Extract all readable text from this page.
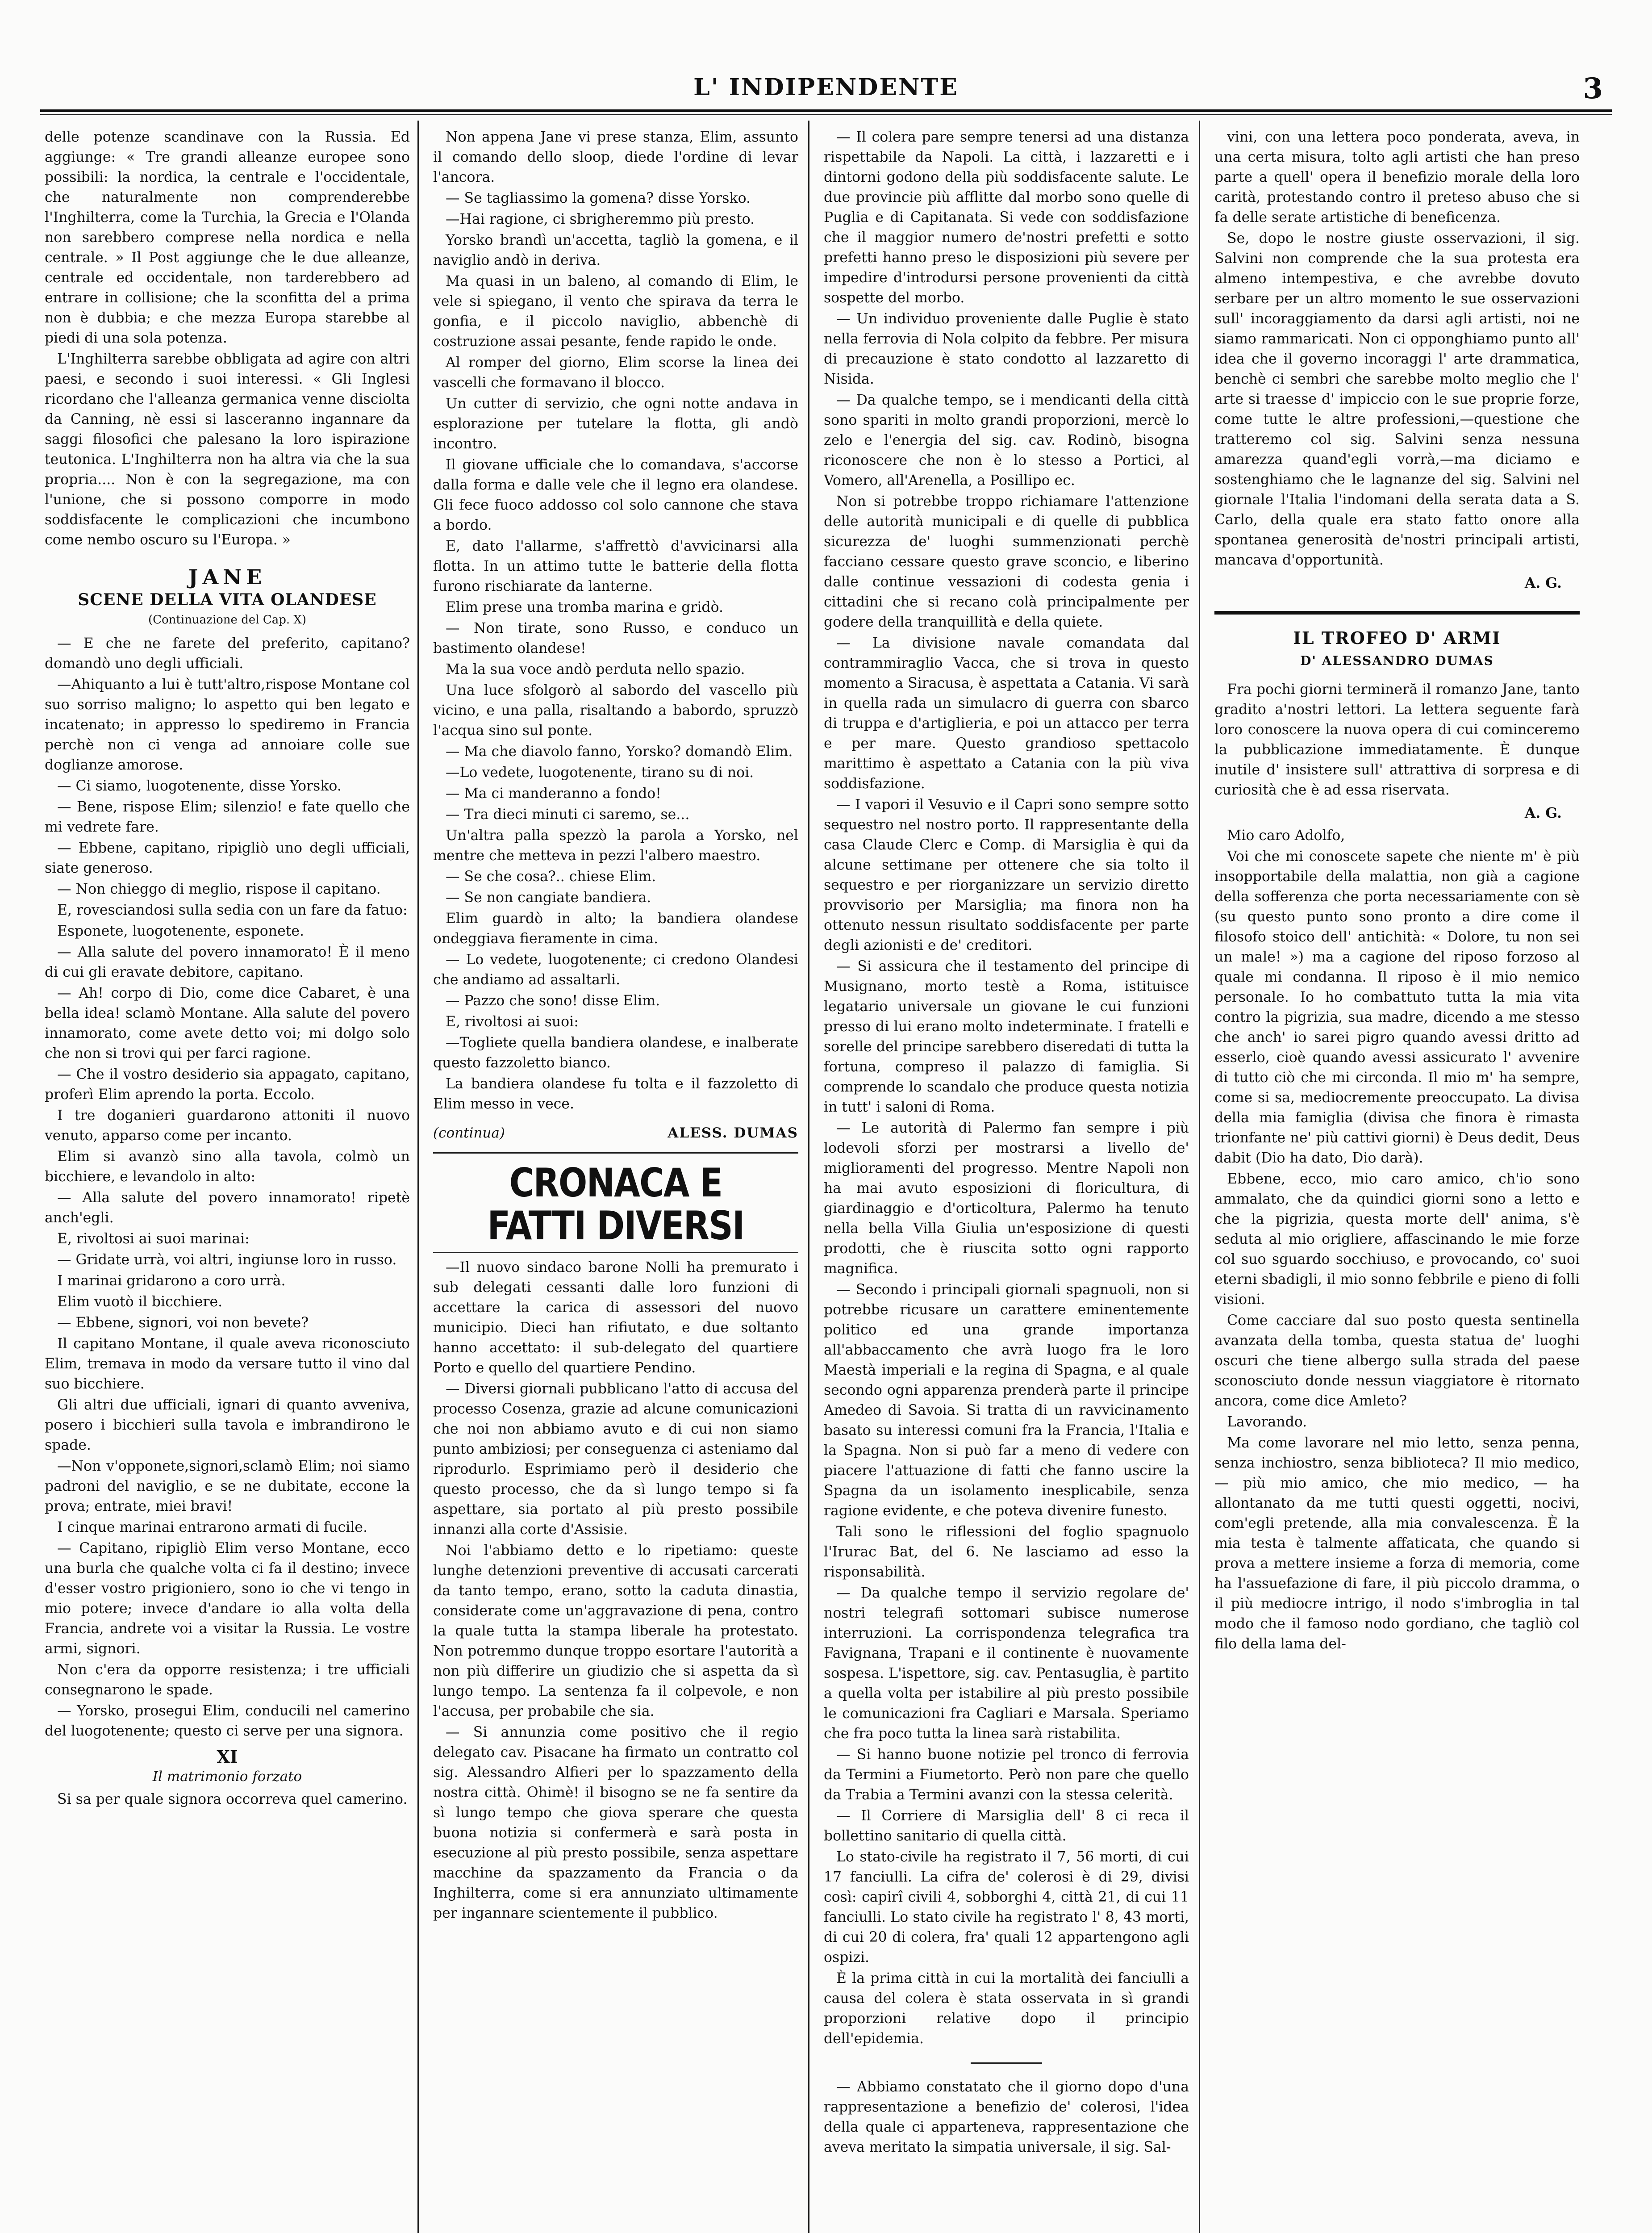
L' INDIPENDENTE	3

delle potenze scandinave con la Russia. Ed aggiunge: « Tre grandi alleanze europee sono possibili: la nordica, la centrale e l'occidentale, che naturalmente non comprenderebbe l'Inghilterra, come la Turchia, la Grecia e l'Olanda non sarebbero comprese nella nordica e nella centrale. » Il Post aggiunge che le due alleanze, centrale ed occidentale, non tarderebbero ad entrare in collisione; che la sconfitta del a prima non è dubbia; e che mezza Europa starebbe al piedi di una sola potenza.

L'Inghilterra sarebbe obbligata ad agire con altri paesi, e secondo i suoi interessi. « Gli Inglesi ricordano che l'alleanza germanica venne disciolta da Canning, nè essi si lasceranno ingannare da saggi filosofici che palesano la loro ispirazione teutonica. L'Inghilterra non ha altra via che la sua propria.... Non è con la segregazione, ma con l'unione, che si possono comporre in modo soddisfacente le complicazioni che incumbono come nembo oscuro su l'Europa. »

JANE
SCENE DELLA VITA OLANDESE
(Continuazione del Cap. X)

— E che ne farete del preferito, capitano? domandò uno degli ufficiali.

—Ahiquanto a lui è tutt'altro,rispose Montane col suo sorriso maligno; lo aspetto qui ben legato e incatenato; in appresso lo spediremo in Francia perchè non ci venga ad annoiare colle sue doglianze amorose.

— Ci siamo, luogotenente, disse Yorsko.

— Bene, rispose Elim; silenzio! e fate quello che mi vedrete fare.

— Ebbene, capitano, ripigliò uno degli ufficiali, siate generoso.

— Non chieggo di meglio, rispose il capitano.

E, rovesciandosi sulla sedia con un fare da fatuo:

Esponete, luogotenente, esponete.

— Alla salute del povero innamorato! È il meno di cui gli eravate debitore, capitano.

— Ah! corpo di Dio, come dice Cabaret, è una bella idea! sclamò Montane. Alla salute del povero innamorato, come avete detto voi; mi dolgo solo che non si trovi qui per farci ragione.

— Che il vostro desiderio sia appagato, capitano, proferì Elim aprendo la porta. Eccolo.

I tre doganieri guardarono attoniti il nuovo venuto, apparso come per incanto.

Elim si avanzò sino alla tavola, colmò un bicchiere, e levandolo in alto:

— Alla salute del povero innamorato! ripetè anch'egli.

E, rivoltosi ai suoi marinai:

— Gridate urrà, voi altri, ingiunse loro in russo.

I marinai gridarono a coro urrà.

Elim vuotò il bicchiere.

— Ebbene, signori, voi non bevete?

Il capitano Montane, il quale aveva riconosciuto Elim, tremava in modo da versare tutto il vino dal suo bicchiere.

Gli altri due ufficiali, ignari di quanto avveniva, posero i bicchieri sulla tavola e imbrandirono le spade.

—Non v'opponete,signori,sclamò Elim; noi siamo padroni del naviglio, e se ne dubitate, eccone la prova; entrate, miei bravi!

I cinque marinai entrarono armati di fucile.

— Capitano, ripigliò Elim verso Montane, ecco una burla che qualche volta ci fa il destino; invece d'esser vostro prigioniero, sono io che vi tengo in mio potere; invece d'andare io alla volta della Francia, andrete voi a visitar la Russia. Le vostre armi, signori.

Non c'era da opporre resistenza; i tre ufficiali consegnarono le spade.

— Yorsko, prosegui Elim, conducili nel camerino del luogotenente; questo ci serve per una signora.

XI
Il matrimonio forzato

Si sa per quale signora occorreva quel camerino.

Non appena Jane vi prese stanza, Elim, assunto il comando dello sloop, diede l'ordine di levar l'ancora.

— Se tagliassimo la gomena? disse Yorsko.

—Hai ragione, ci sbrigheremmo più presto.

Yorsko brandì un'accetta, tagliò la gomena, e il naviglio andò in deriva.

Ma quasi in un baleno, al comando di Elim, le vele si spiegano, il vento che spirava da terra le gonfia, e il piccolo naviglio, abbenchè di costruzione assai pesante, fende rapido le onde.

Al romper del giorno, Elim scorse la linea dei vascelli che formavano il blocco.

Un cutter di servizio, che ogni notte andava in esplorazione per tutelare la flotta, gli andò incontro.

Il giovane ufficiale che lo comandava, s'accorse dalla forma e dalle vele che il legno era olandese. Gli fece fuoco addosso col solo cannone che stava a bordo.

E, dato l'allarme, s'affrettò d'avvicinarsi alla flotta. In un attimo tutte le batterie della flotta furono rischiarate da lanterne.

Elim prese una tromba marina e gridò.

— Non tirate, sono Russo, e conduco un bastimento olandese!

Ma la sua voce andò perduta nello spazio.

Una luce sfolgorò al sabordo del vascello più vicino, e una palla, risaltando a babordo, spruzzò l'acqua sino sul ponte.

— Ma che diavolo fanno, Yorsko? domandò Elim.

—Lo vedete, luogotenente, tirano su di noi.

— Ma ci manderanno a fondo!

— Tra dieci minuti ci saremo, se...

Un'altra palla spezzò la parola a Yorsko, nel mentre che metteva in pezzi l'albero maestro.

— Se che cosa?.. chiese Elim.

— Se non cangiate bandiera.

Elim guardò in alto; la bandiera olandese ondeggiava fieramente in cima.

— Lo vedete, luogotenente; ci credono Olandesi che andiamo ad assaltarli.

— Pazzo che sono! disse Elim.

E, rivoltosi ai suoi:

—Togliete quella bandiera olandese, e inalberate questo fazzoletto bianco.

La bandiera olandese fu tolta e il fazzoletto di Elim messo in vece.

(continua)	ALESS. DUMAS
CRONACA E FATTI DIVERSI

—Il nuovo sindaco barone Nolli ha premurato i sub delegati cessanti dalle loro funzioni di accettare la carica di assessori del nuovo municipio. Dieci han rifiutato, e due soltanto hanno accettato: il sub-delegato del quartiere Porto e quello del quartiere Pendino.

— Diversi giornali pubblicano l'atto di accusa del processo Cosenza, grazie ad alcune comunicazioni che noi non abbiamo avuto e di cui non siamo punto ambiziosi; per conseguenza ci asteniamo dal riprodurlo. Esprimiamo però il desiderio che questo processo, che da sì lungo tempo si fa aspettare, sia portato al più presto possibile innanzi alla corte d'Assisie.

Noi l'abbiamo detto e lo ripetiamo: queste lunghe detenzioni preventive di accusati carcerati da tanto tempo, erano, sotto la caduta dinastia, considerate come un'aggravazione di pena, contro la quale tutta la stampa liberale ha protestato. Non potremmo dunque troppo esortare l'autorità a non più differire un giudizio che si aspetta da sì lungo tempo. La sentenza fa il colpevole, e non l'accusa, per probabile che sia.

— Si annunzia come positivo che il regio delegato cav. Pisacane ha firmato un contratto col sig. Alessandro Alfieri per lo spazzamento della nostra città. Ohimè! il bisogno se ne fa sentire da sì lungo tempo che giova sperare che questa buona notizia si confermerà e sarà posta in esecuzione al più presto possibile, senza aspettare macchine da spazzamento da Francia o da Inghilterra, come si era annunziato ultimamente per ingannare scientemente il pubblico.

— Il colera pare sempre tenersi ad una distanza rispettabile da Napoli. La città, i lazzaretti e i dintorni godono della più soddisfacente salute. Le due provincie più afflitte dal morbo sono quelle di Puglia e di Capitanata. Si vede con soddisfazione che il maggior numero de'nostri prefetti e sotto prefetti hanno preso le disposizioni più severe per impedire d'introdursi persone provenienti da città sospette del morbo.

— Un individuo proveniente dalle Puglie è stato nella ferrovia di Nola colpito da febbre. Per misura di precauzione è stato condotto al lazzaretto di Nisida.

— Da qualche tempo, se i mendicanti della città sono spariti in molto grandi proporzioni, mercè lo zelo e l'energia del sig. cav. Rodinò, bisogna riconoscere che non è lo stesso a Portici, al Vomero, all'Arenella, a Posillipo ec.

Non si potrebbe troppo richiamare l'attenzione delle autorità municipali e di quelle di pubblica sicurezza de' luoghi summenzionati perchè facciano cessare questo grave sconcio, e liberino dalle continue vessazioni di codesta genia i cittadini che si recano colà principalmente per godere della tranquillità e della quiete.

— La divisione navale comandata dal contrammiraglio Vacca, che si trova in questo momento a Siracusa, è aspettata a Catania. Vi sarà in quella rada un simulacro di guerra con sbarco di truppa e d'artiglieria, e poi un attacco per terra e per mare. Questo grandioso spettacolo marittimo è aspettato a Catania con la più viva soddisfazione.

— I vapori il Vesuvio e il Capri sono sempre sotto sequestro nel nostro porto. Il rappresentante della casa Claude Clerc e Comp. di Marsiglia è qui da alcune settimane per ottenere che sia tolto il sequestro e per riorganizzare un servizio diretto provvisorio per Marsiglia; ma finora non ha ottenuto nessun risultato soddisfacente per parte degli azionisti e de' creditori.

— Si assicura che il testamento del principe di Musignano, morto testè a Roma, istituisce legatario universale un giovane le cui funzioni presso di lui erano molto indeterminate. I fratelli e sorelle del principe sarebbero diseredati di tutta la fortuna, compreso il palazzo di famiglia. Si comprende lo scandalo che produce questa notizia in tutt' i saloni di Roma.

— Le autorità di Palermo fan sempre i più lodevoli sforzi per mostrarsi a livello de' miglioramenti del progresso. Mentre Napoli non ha mai avuto esposizioni di floricultura, di giardinaggio e d'orticoltura, Palermo ha tenuto nella bella Villa Giulia un'esposizione di questi prodotti, che è riuscita sotto ogni rapporto magnifica.

— Secondo i principali giornali spagnuoli, non si potrebbe ricusare un carattere eminentemente politico ed una grande importanza all'abbaccamento che avrà luogo fra le loro Maestà imperiali e la regina di Spagna, e al quale secondo ogni apparenza prenderà parte il principe Amedeo di Savoia. Si tratta di un ravvicinamento basato su interessi comuni fra la Francia, l'Italia e la Spagna. Non si può far a meno di vedere con piacere l'attuazione di fatti che fanno uscire la Spagna da un isolamento inesplicabile, senza ragione evidente, e che poteva divenire funesto.

Tali sono le riflessioni del foglio spagnuolo l'Irurac Bat, del 6. Ne lasciamo ad esso la risponsabilità.

— Da qualche tempo il servizio regolare de' nostri telegrafi sottomari subisce numerose interruzioni. La corrispondenza telegrafica tra Favignana, Trapani e il continente è nuovamente sospesa. L'ispettore, sig. cav. Pentasuglia, è partito a quella volta per istabilire al più presto possibile le comunicazioni fra Cagliari e Marsala. Speriamo che fra poco tutta la linea sarà ristabilita.

— Si hanno buone notizie pel tronco di ferrovia da Termini a Fiumetorto. Però non pare che quello da Trabia a Termini avanzi con la stessa celerità.

— Il Corriere di Marsiglia dell' 8 ci reca il bollettino sanitario di quella città.

Lo stato-civile ha registrato il 7, 56 morti, di cui 17 fanciulli. La cifra de' colerosi è di 29, divisi così: capirî civili 4, sobborghi 4, città 21, di cui 11 fanciulli. Lo stato civile ha registrato l' 8, 43 morti, di cui 20 di colera, fra' quali 12 appartengono agli ospizi.

È la prima città in cui la mortalità dei fanciulli a causa del colera è stata osservata in sì grandi proporzioni relative dopo il principio dell'epidemia.

— Abbiamo constatato che il giorno dopo d'una rappresentazione a benefizio de' colerosi, l'idea della quale ci apparteneva, rappresentazione che aveva meritato la simpatia universale, il sig. Sal-

vini, con una lettera poco ponderata, aveva, in una certa misura, tolto agli artisti che han preso parte a quell' opera il benefizio morale della loro carità, protestando contro il preteso abuso che si fa delle serate artistiche di beneficenza.

Se, dopo le nostre giuste osservazioni, il sig. Salvini non comprende che la sua protesta era almeno intempestiva, e che avrebbe dovuto serbare per un altro momento le sue osservazioni sull' incoraggiamento da darsi agli artisti, noi ne siamo rammaricati. Non ci opponghiamo punto all' idea che il governo incoraggi l' arte drammatica, benchè ci sembri che sarebbe molto meglio che l' arte si traesse d' impiccio con le sue proprie forze, come tutte le altre professioni,—questione che tratteremo col sig. Salvini senza nessuna amarezza quand'egli vorrà,—ma diciamo e sostenghiamo che le lagnanze del sig. Salvini nel giornale l'Italia l'indomani della serata data a S. Carlo, della quale era stato fatto onore alla spontanea generosità de'nostri principali artisti, mancava d'opportunità.

A. G.
IL TROFEO D' ARMI
D' ALESSANDRO DUMAS

Fra pochi giorni termineră il romanzo Jane, tanto gradito a'nostri lettori. La lettera seguente farà loro conoscere la nuova opera di cui cominceremo la pubblicazione immediatamente. È dunque inutile d' insistere sull' attrattiva di sorpresa e di curiosità che è ad essa riservata.

A. G.

Mio caro Adolfo,

Voi che mi conoscete sapete che niente m' è più insopportabile della malattia, non già a cagione della sofferenza che porta necessariamente con sè (su questo punto sono pronto a dire come il filosofo stoico dell' antichità: « Dolore, tu non sei un male! ») ma a cagione del riposo forzoso al quale mi condanna. Il riposo è il mio nemico personale. Io ho combattuto tutta la mia vita contro la pigrizia, sua madre, dicendo a me stesso che anch' io sarei pigro quando avessi dritto ad esserlo, cioè quando avessi assicurato l' avvenire di tutto ciò che mi circonda. Il mio m' ha sempre, come si sa, mediocremente preoccupato. La divisa della mia famiglia (divisa che finora è rimasta trionfante ne' più cattivi giorni) è Deus dedit, Deus dabit (Dio ha dato, Dio darà).

Ebbene, ecco, mio caro amico, ch'io sono ammalato, che da quindici giorni sono a letto e che la pigrizia, questa morte dell' anima, s'è seduta al mio origliere, affascinando le mie forze col suo sguardo socchiuso, e provocando, co' suoi eterni sbadigli, il mio sonno febbrile e pieno di folli visioni.

Come cacciare dal suo posto questa sentinella avanzata della tomba, questa statua de' luoghi oscuri che tiene albergo sulla strada del paese sconosciuto donde nessun viaggiatore è ritornato ancora, come dice Amleto?

Lavorando.

Ma come lavorare nel mio letto, senza penna, senza inchiostro, senza biblioteca? Il mio medico, — più mio amico, che mio medico, — ha allontanato da me tutti questi oggetti, nocivi, com'egli pretende, alla mia convalescenza. È la mia testa è talmente affaticata, che quando si prova a mettere insieme a forza di memoria, come ha l'assuefazione di fare, il più piccolo dramma, o il più mediocre intrigo, il nodo s'imbroglia in tal modo che il famoso nodo gordiano, che tagliò col filo della lama del-
